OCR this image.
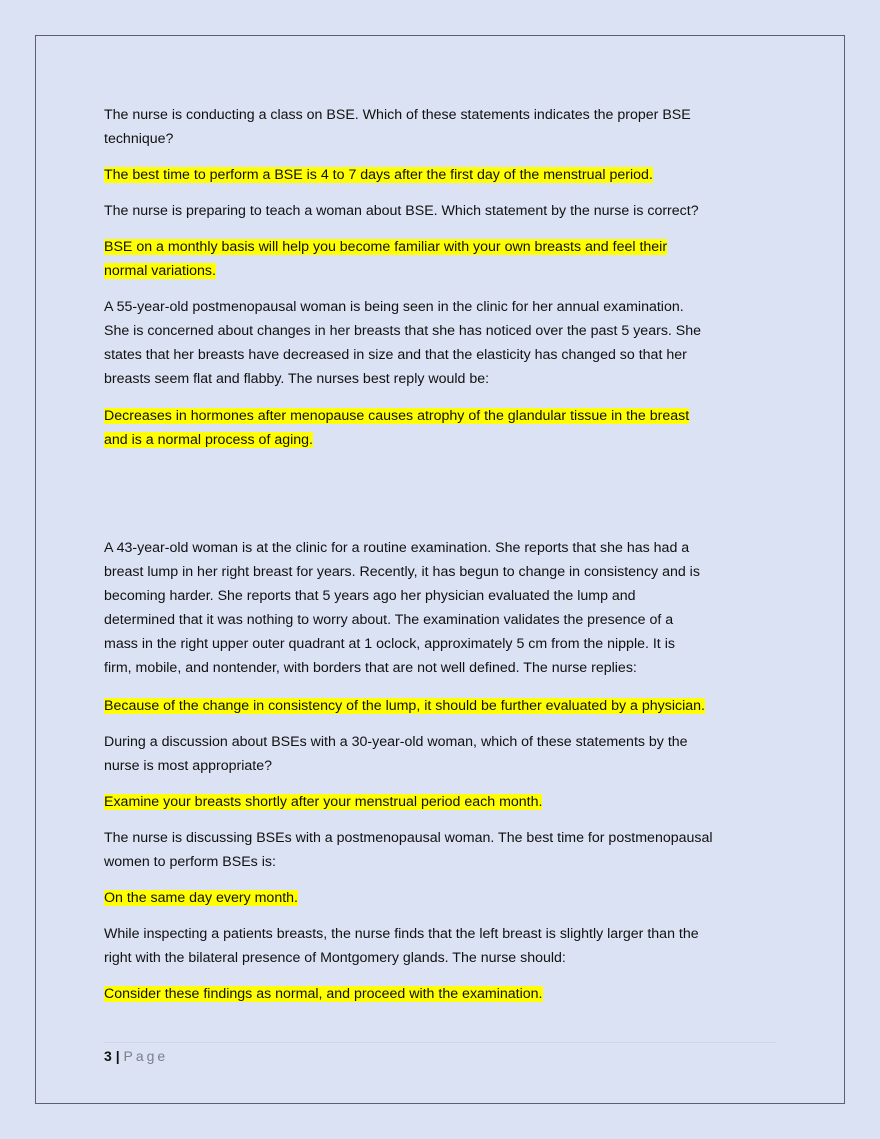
The nurse is conducting a class on BSE. Which of these statements indicates the proper BSE
technique?
The best time to perform a BSE is 4 to 7 days after the first day of the menstrual period.
The nurse is preparing to teach a woman about BSE. Which statement by the nurse is correct?
BSE on a monthly basis will help you become familiar with your own breasts and feel their
normal variations.
A 55-year-old postmenopausal woman is being seen in the clinic for her annual examination.
She is concerned about changes in her breasts that she has noticed over the past 5 years. She
states that her breasts have decreased in size and that the elasticity has changed so that her
breasts seem flat and flabby. The nurses best reply would be:
Decreases in hormones after menopause causes atrophy of the glandular tissue in the breast
and is a normal process of aging.
A 43-year-old woman is at the clinic for a routine examination. She reports that she has had a
breast lump in her right breast for years. Recently, it has begun to change in consistency and is
becoming harder. She reports that 5 years ago her physician evaluated the lump and
determined that it was nothing to worry about. The examination validates the presence of a
mass in the right upper outer quadrant at 1 oclock, approximately 5 cm from the nipple. It is
firm, mobile, and nontender, with borders that are not well defined. The nurse replies:
Because of the change in consistency of the lump, it should be further evaluated by a physician.
During a discussion about BSEs with a 30-year-old woman, which of these statements by the
nurse is most appropriate?
Examine your breasts shortly after your menstrual period each month.
The nurse is discussing BSEs with a postmenopausal woman. The best time for postmenopausal
women to perform BSEs is:
On the same day every month.
While inspecting a patients breasts, the nurse finds that the left breast is slightly larger than the
right with the bilateral presence of Montgomery glands. The nurse should:
Consider these findings as normal, and proceed with the examination.
3 | Page
